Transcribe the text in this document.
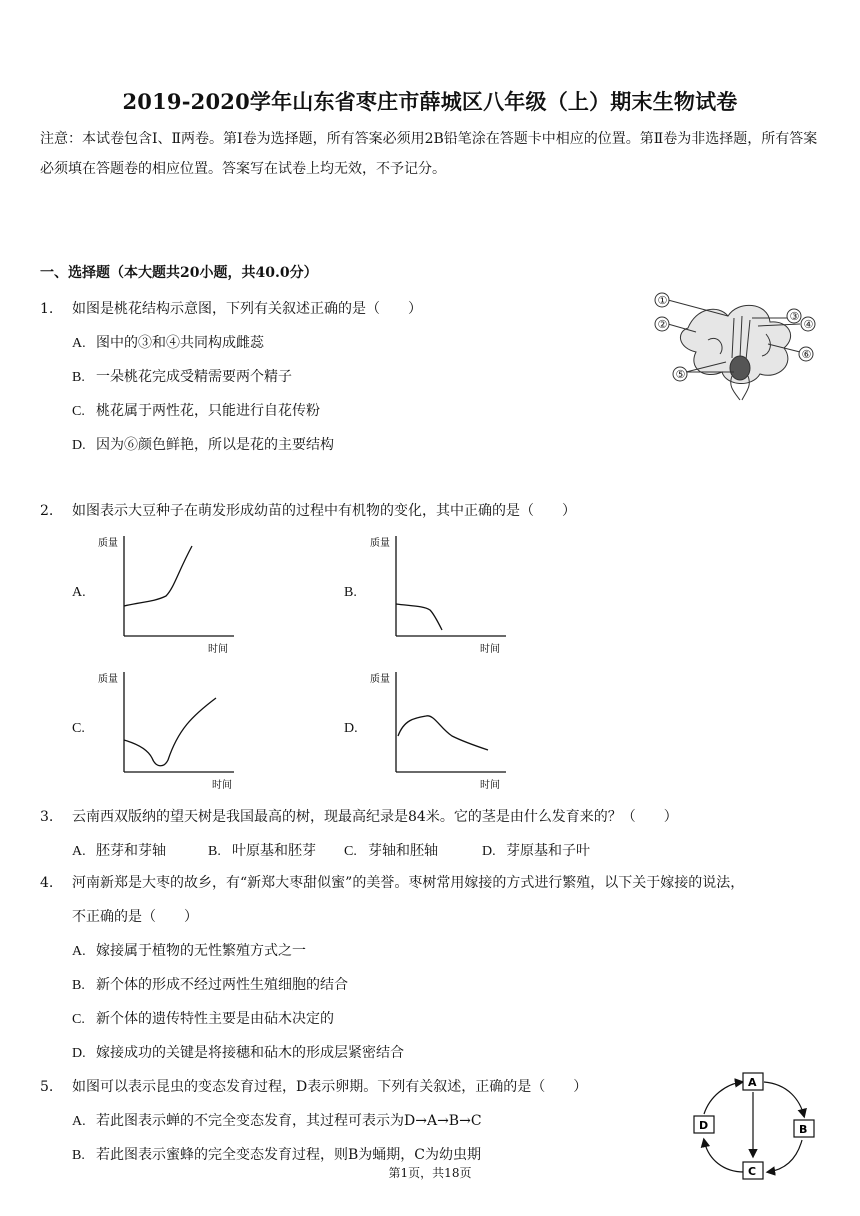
2019-2020学年山东省枣庄市薛城区八年级（上）期末生物试卷
注意：本试卷包含Ⅰ、Ⅱ两卷。第Ⅰ卷为选择题，所有答案必须用2B铅笔涂在答题卡中相应的位置。第Ⅱ卷为非选择题，所有答案必须填在答题卷的相应位置。答案写在试卷上均无效，不予记分。
一、选择题（本大题共20小题，共40.0分）
1. 如图是桃花结构示意图，下列有关叙述正确的是（　　）
A. 图中的③和④共同构成雌蕊
B. 一朵桃花完成受精需要两个精子
C. 桃花属于两性花，只能进行自花传粉
D. 因为⑥颜色鲜艳，所以是花的主要结构
①
②
③
④
⑤
⑥
2. 如图表示大豆种子在萌发形成幼苗的过程中有机物的变化，其中正确的是（　　）
A.	B.
C.	D.
质量
时间
质量
时间
质量
时间
质量
时间
3. 云南西双版纳的望天树是我国最高的树，现最高纪录是84米。它的茎是由什么发育来的？（　　）
A. 胚芽和芽轴	B. 叶原基和胚芽 C. 芽轴和胚轴	D. 芽原基和子叶
4. 河南新郑是大枣的故乡，有“新郑大枣甜似蜜”的美誉。枣树常用嫁接的方式进行繁殖，以下关于嫁接的说法，
不正确的是（　　）
A. 嫁接属于植物的无性繁殖方式之一
B. 新个体的形成不经过两性生殖细胞的结合
C. 新个体的遗传特性主要是由砧木决定的
D. 嫁接成功的关键是将接穗和砧木的形成层紧密结合
5. 如图可以表示昆虫的变态发育过程，D表示卵期。下列有关叙述，正确的是（　　）
A. 若此图表示蝉的不完全变态发育，其过程可表示为D→A→B→C
B. 若此图表示蜜蜂的完全变态发育过程，则B为蛹期，C为幼虫期
A
B
C
D
第1页，共18页
